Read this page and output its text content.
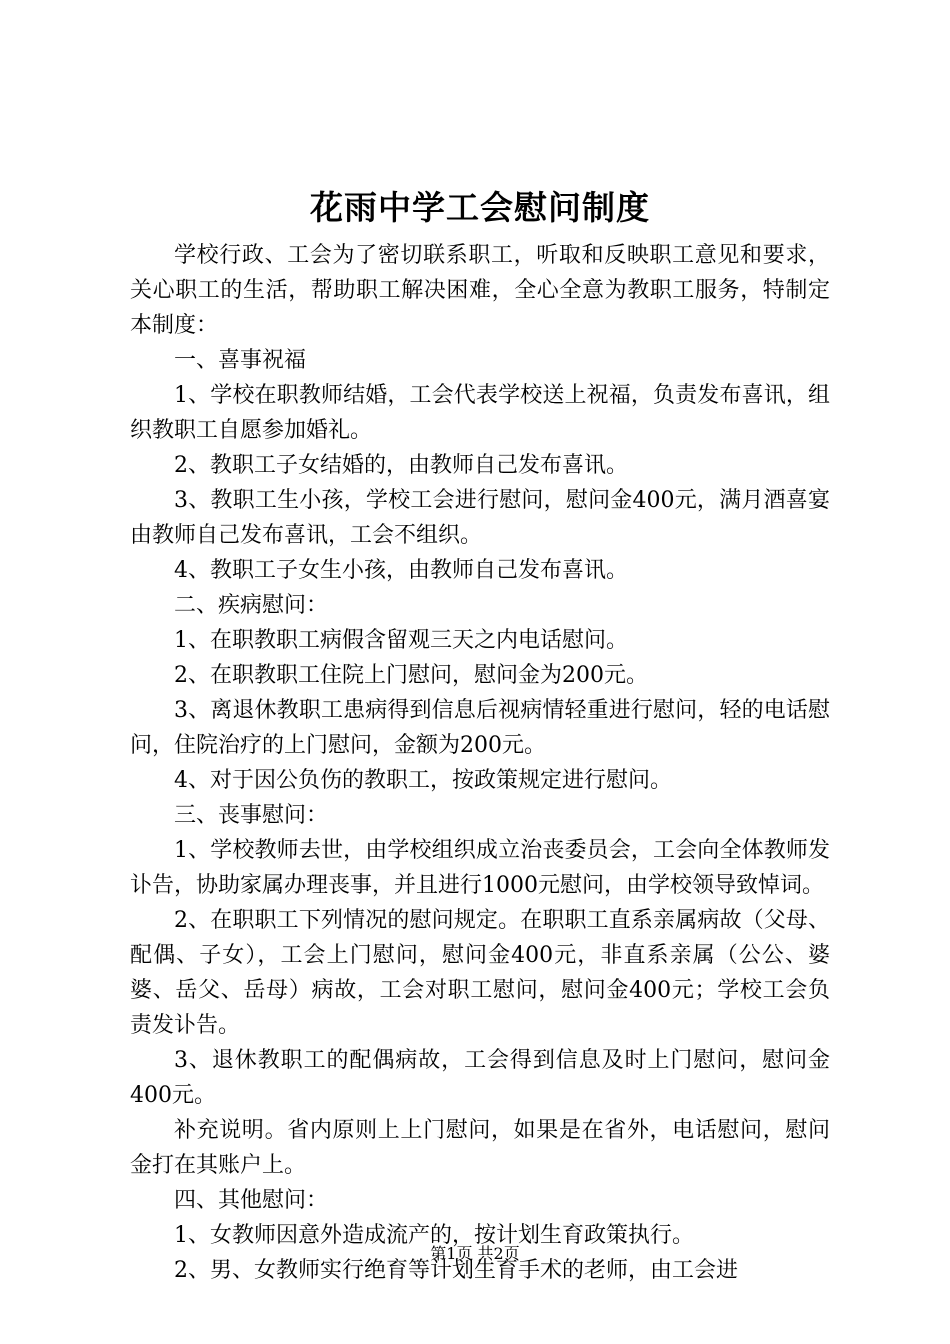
花雨中学工会慰问制度

学校行政、工会为了密切联系职工，听取和反映职工意见和要求，关心职工的生活，帮助职工解决困难，全心全意为教职工服务，特制定本制度：

一、喜事祝福

1、学校在职教师结婚，工会代表学校送上祝福，负责发布喜讯，组织教职工自愿参加婚礼。

2、教职工子女结婚的，由教师自己发布喜讯。

3、教职工生小孩，学校工会进行慰问，慰问金400元，满月酒喜宴由教师自己发布喜讯，工会不组织。

4、教职工子女生小孩，由教师自己发布喜讯。

二、疾病慰问：

1、在职教职工病假含留观三天之内电话慰问。

2、在职教职工住院上门慰问，慰问金为200元。

3、离退休教职工患病得到信息后视病情轻重进行慰问，轻的电话慰问，住院治疗的上门慰问，金额为200元。

4、对于因公负伤的教职工，按政策规定进行慰问。

三、丧事慰问：

1、学校教师去世，由学校组织成立治丧委员会，工会向全体教师发讣告，协助家属办理丧事，并且进行1000元慰问，由学校领导致悼词。

2、在职职工下列情况的慰问规定。在职职工直系亲属病故（父母、配偶、子女），工会上门慰问，慰问金400元，非直系亲属（公公、婆婆、岳父、岳母）病故，工会对职工慰问，慰问金400元；学校工会负责发讣告。

3、退休教职工的配偶病故，工会得到信息及时上门慰问，慰问金400元。

补充说明。省内原则上上门慰问，如果是在省外，电话慰问，慰问金打在其账户上。

四、其他慰问：

1、女教师因意外造成流产的，按计划生育政策执行。

2、男、女教师实行绝育等计划生育手术的老师，由工会进

第1页 共2页
